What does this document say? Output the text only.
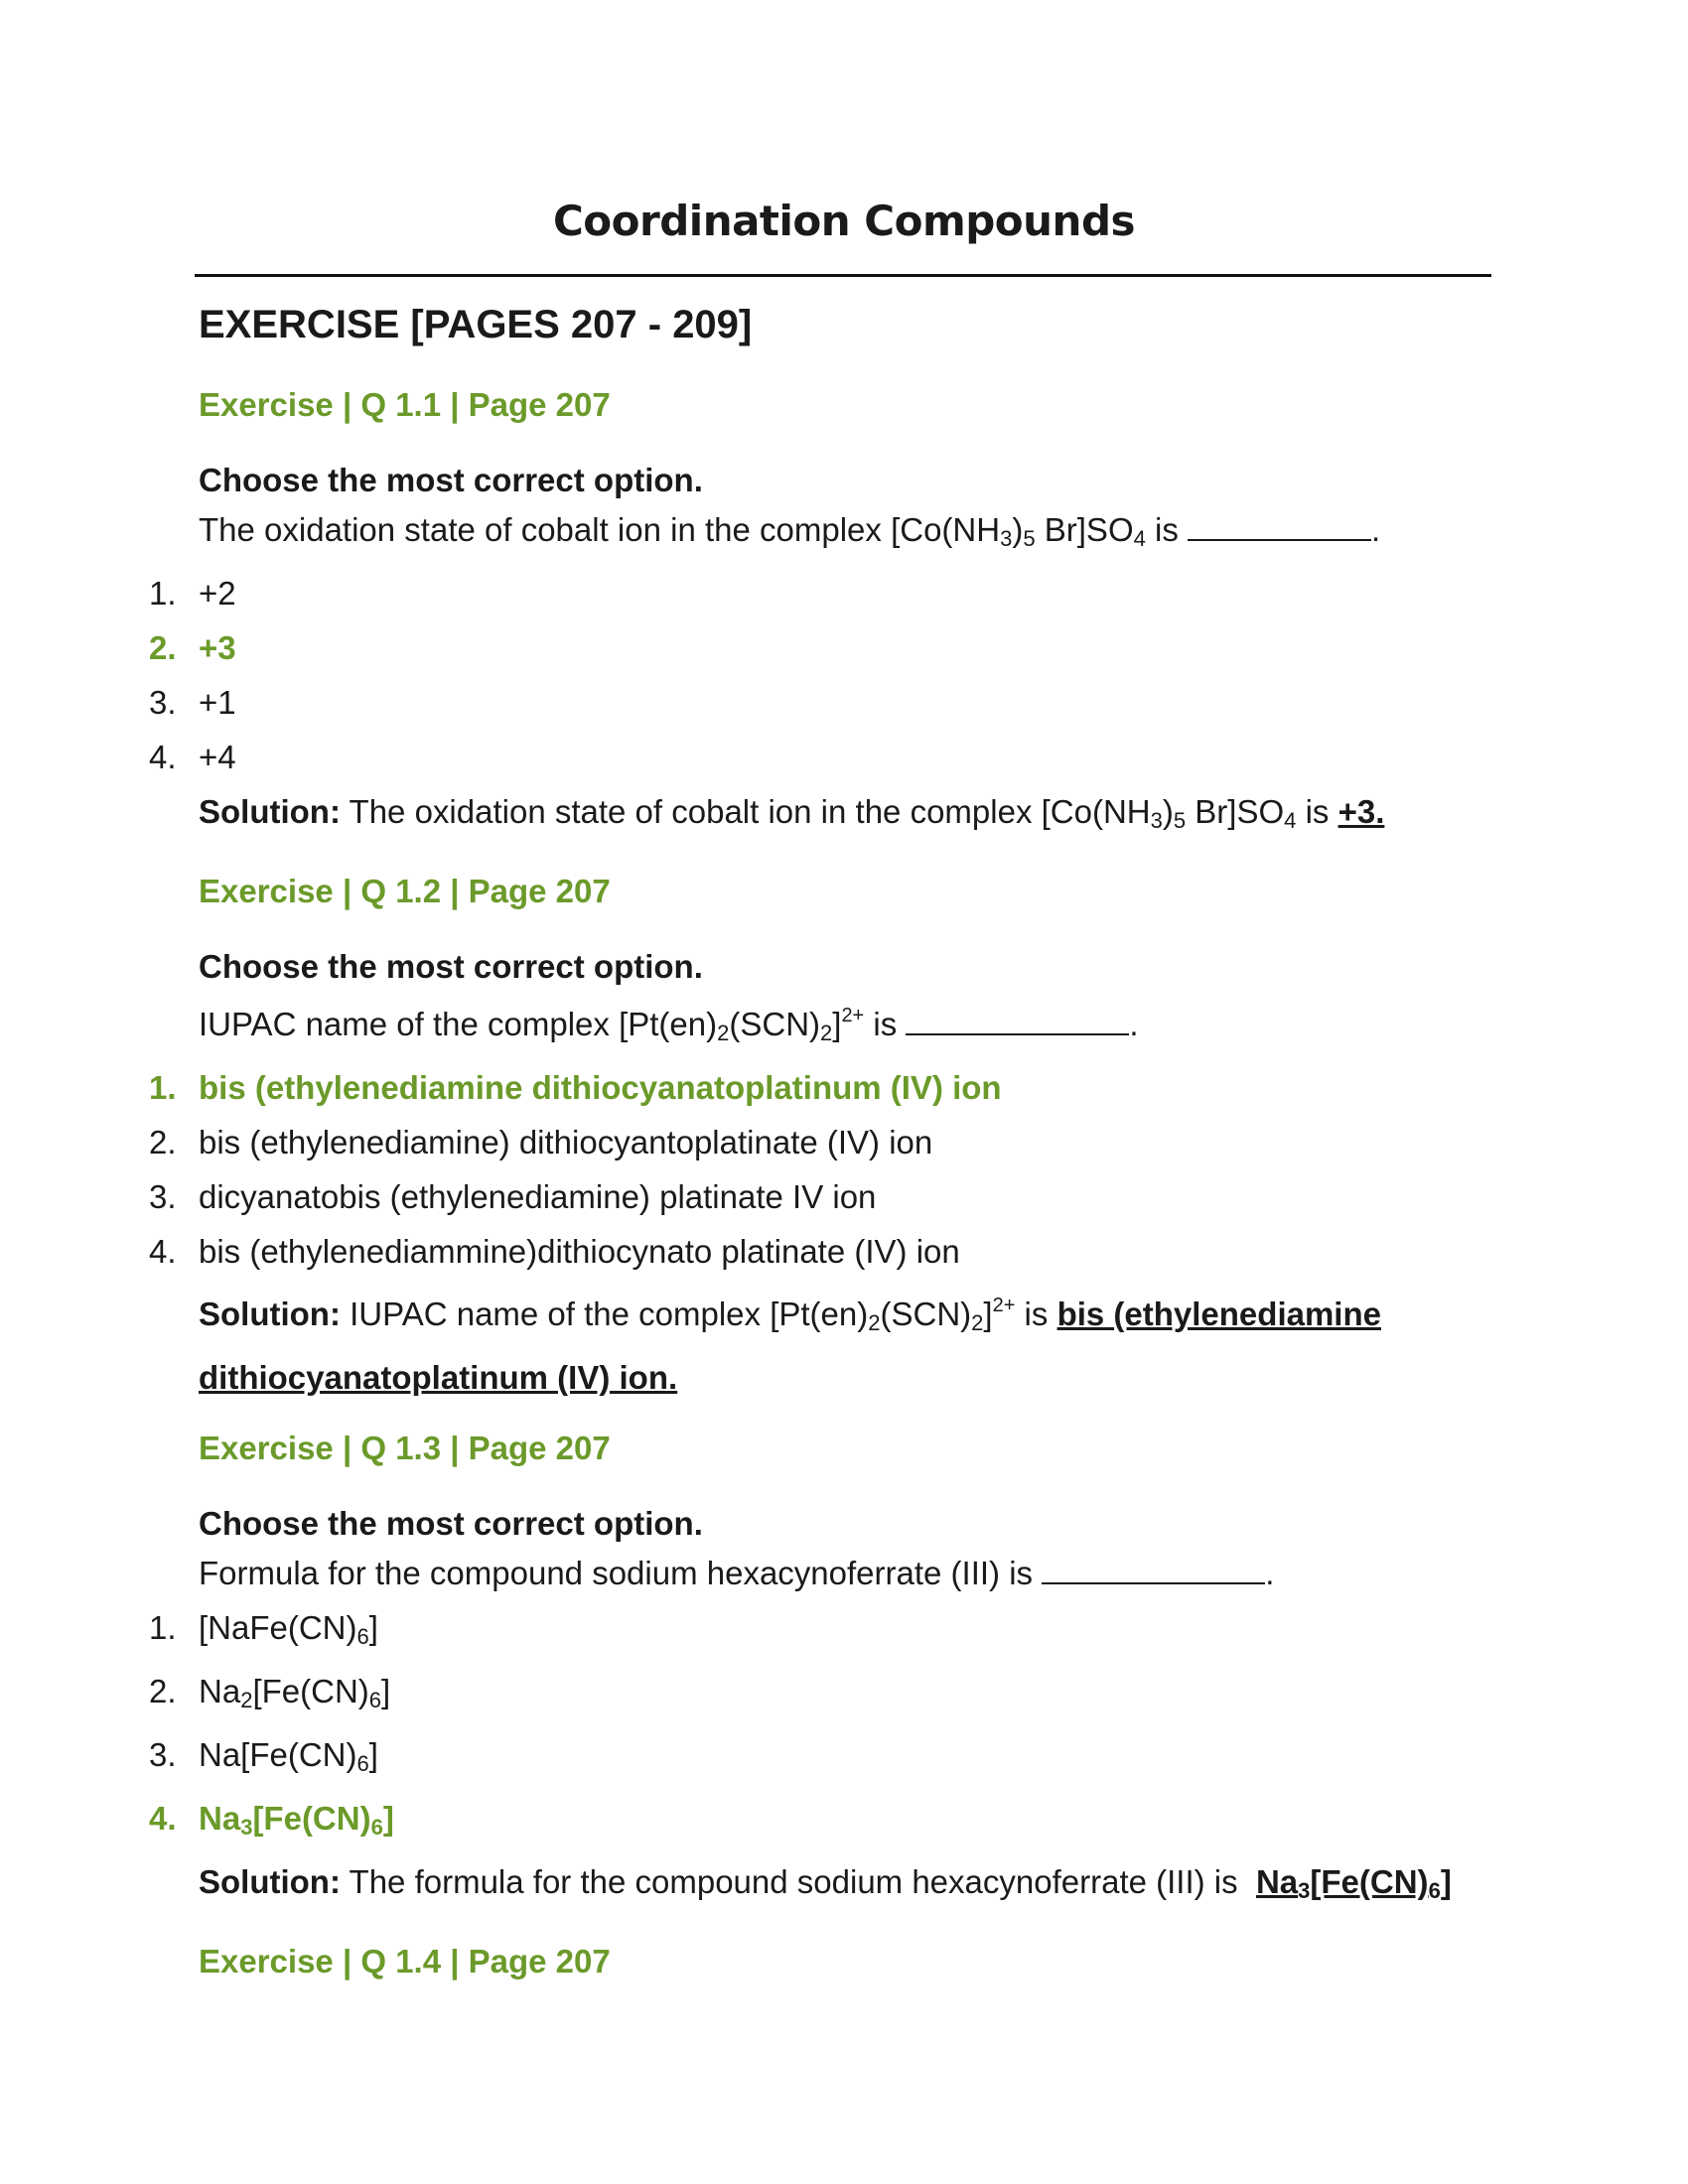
Coordination Compounds
EXERCISE [PAGES 207 - 209]
Exercise | Q 1.1 | Page 207
Choose the most correct option.
The oxidation state of cobalt ion in the complex [$Co(NH_3)_5$ $Br]SO_4$ is	.
1. +2
2. +3
3. +1
4. +4
Solution: The oxidation state of cobalt ion in the complex [$Co(NH_3)_5$ $Br]SO_4$ is +3.
Exercise | Q 1.2 | Page 207
Choose the most correct option.
IUPAC name of the complex $[Pt(en)_2(SCN)_2]^{2+}$ is	.
1. bis (ethylenediamine dithiocyanatoplatinum (IV) ion
2. bis (ethylenediamine) dithiocyantoplatinate (IV) ion
3. dicyanatobis (ethylenediamine) platinate IV ion
4. bis (ethylenediammine)dithiocynato platinate (IV) ion
Solution: IUPAC name of the complex $[Pt(en)_2(SCN)_2]^{2+}$ is bis (ethylenediamine dithiocyanatoplatinum (IV) ion.
Exercise | Q 1.3 | Page 207
Choose the most correct option.
Formula for the compound sodium hexacynoferrate (III) is	.
1. $[NaFe(CN)_6]$
2. $Na_2[Fe(CN)_6]$
3. $Na[Fe(CN)_6]$
4. $Na_3[Fe(CN)_6]$
Solution: The formula for the compound sodium hexacynoferrate (III) is $Na_3[Fe(CN)_6]$
Exercise | Q 1.4 | Page 207
